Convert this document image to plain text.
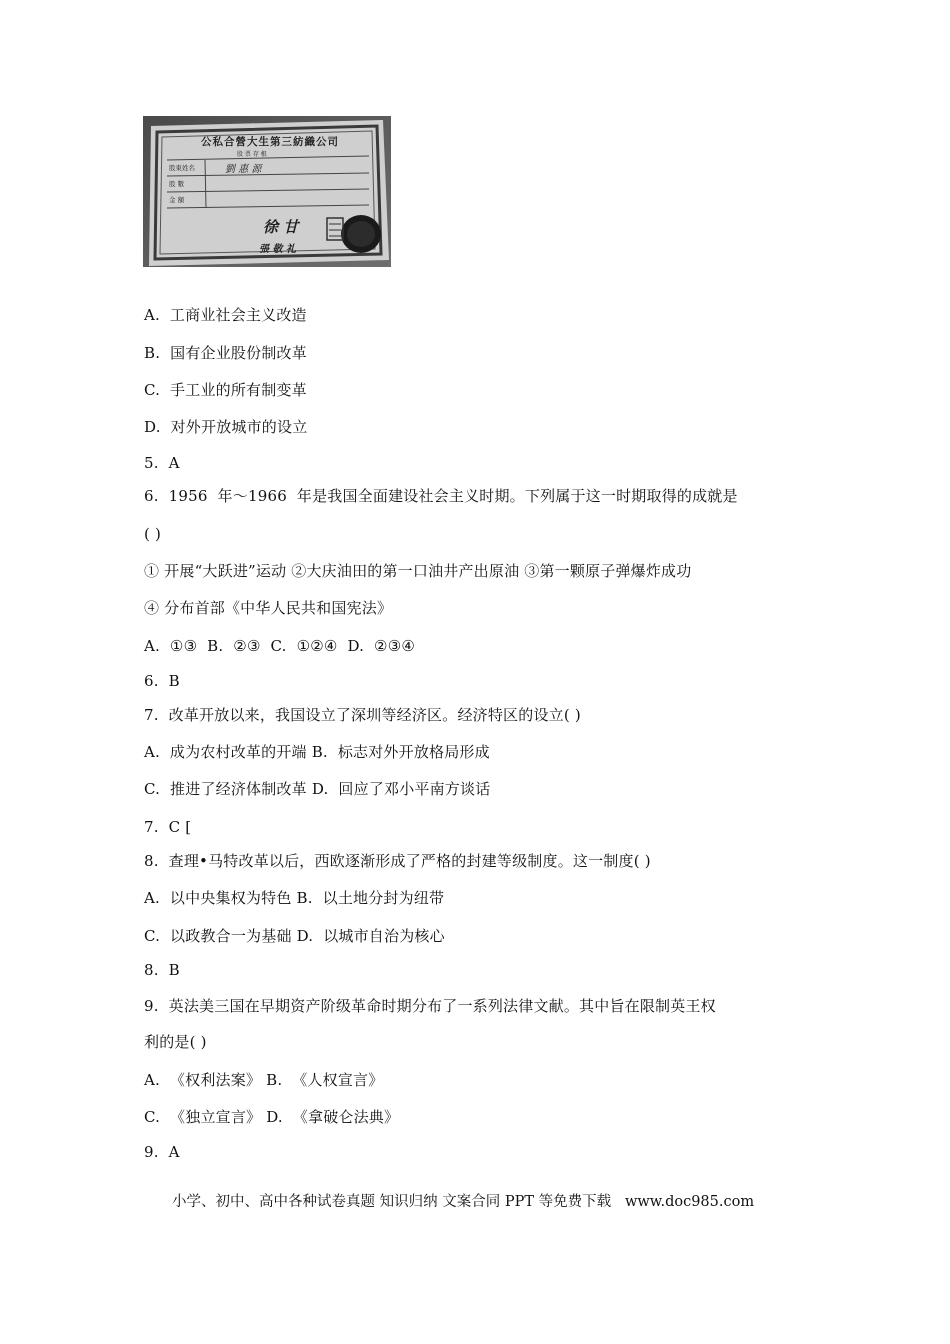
公私合營大生第三紡織公司
股 票 存 根
股東姓名	劉 惠 源
股 數
金 額
徐 甘
張 敬 礼
A.  工商业社会主义改造
B.  国有企业股份制改革
C.  手工业的所有制变革
D.  对外开放城市的设立
5.  A
6.  1956  年～1966  年是我国全面建设社会主义时期。下列属于这一时期取得的成就是
( )
① 开展“大跃进”运动 ②大庆油田的第一口油井产出原油 ③第一颗原子弹爆炸成功
④ 分布首部《中华人民共和国宪法》
A.  ①③  B.  ②③  C.  ①②④  D.  ②③④
6.  B
7.  改革开放以来，我国设立了深圳等经济区。经济特区的设立( )
A.  成为农村改革的开端 B.  标志对外开放格局形成
C.  推进了经济体制改革 D.  回应了邓小平南方谈话
7.  C [
8.  查理•马特改革以后，西欧逐渐形成了严格的封建等级制度。这一制度( )
A.  以中央集权为特色 B.  以土地分封为纽带
C.  以政教合一为基础 D.  以城市自治为核心
8.  B
9.  英法美三国在早期资产阶级革命时期分布了一系列法律文献。其中旨在限制英王权
利的是( )
A.  《权利法案》 B.  《人权宣言》
C.  《独立宣言》 D.  《拿破仑法典》
9.  A
小学、初中、高中各种试卷真题 知识归纳 文案合同 PPT 等免费下载   www.doc985.com
